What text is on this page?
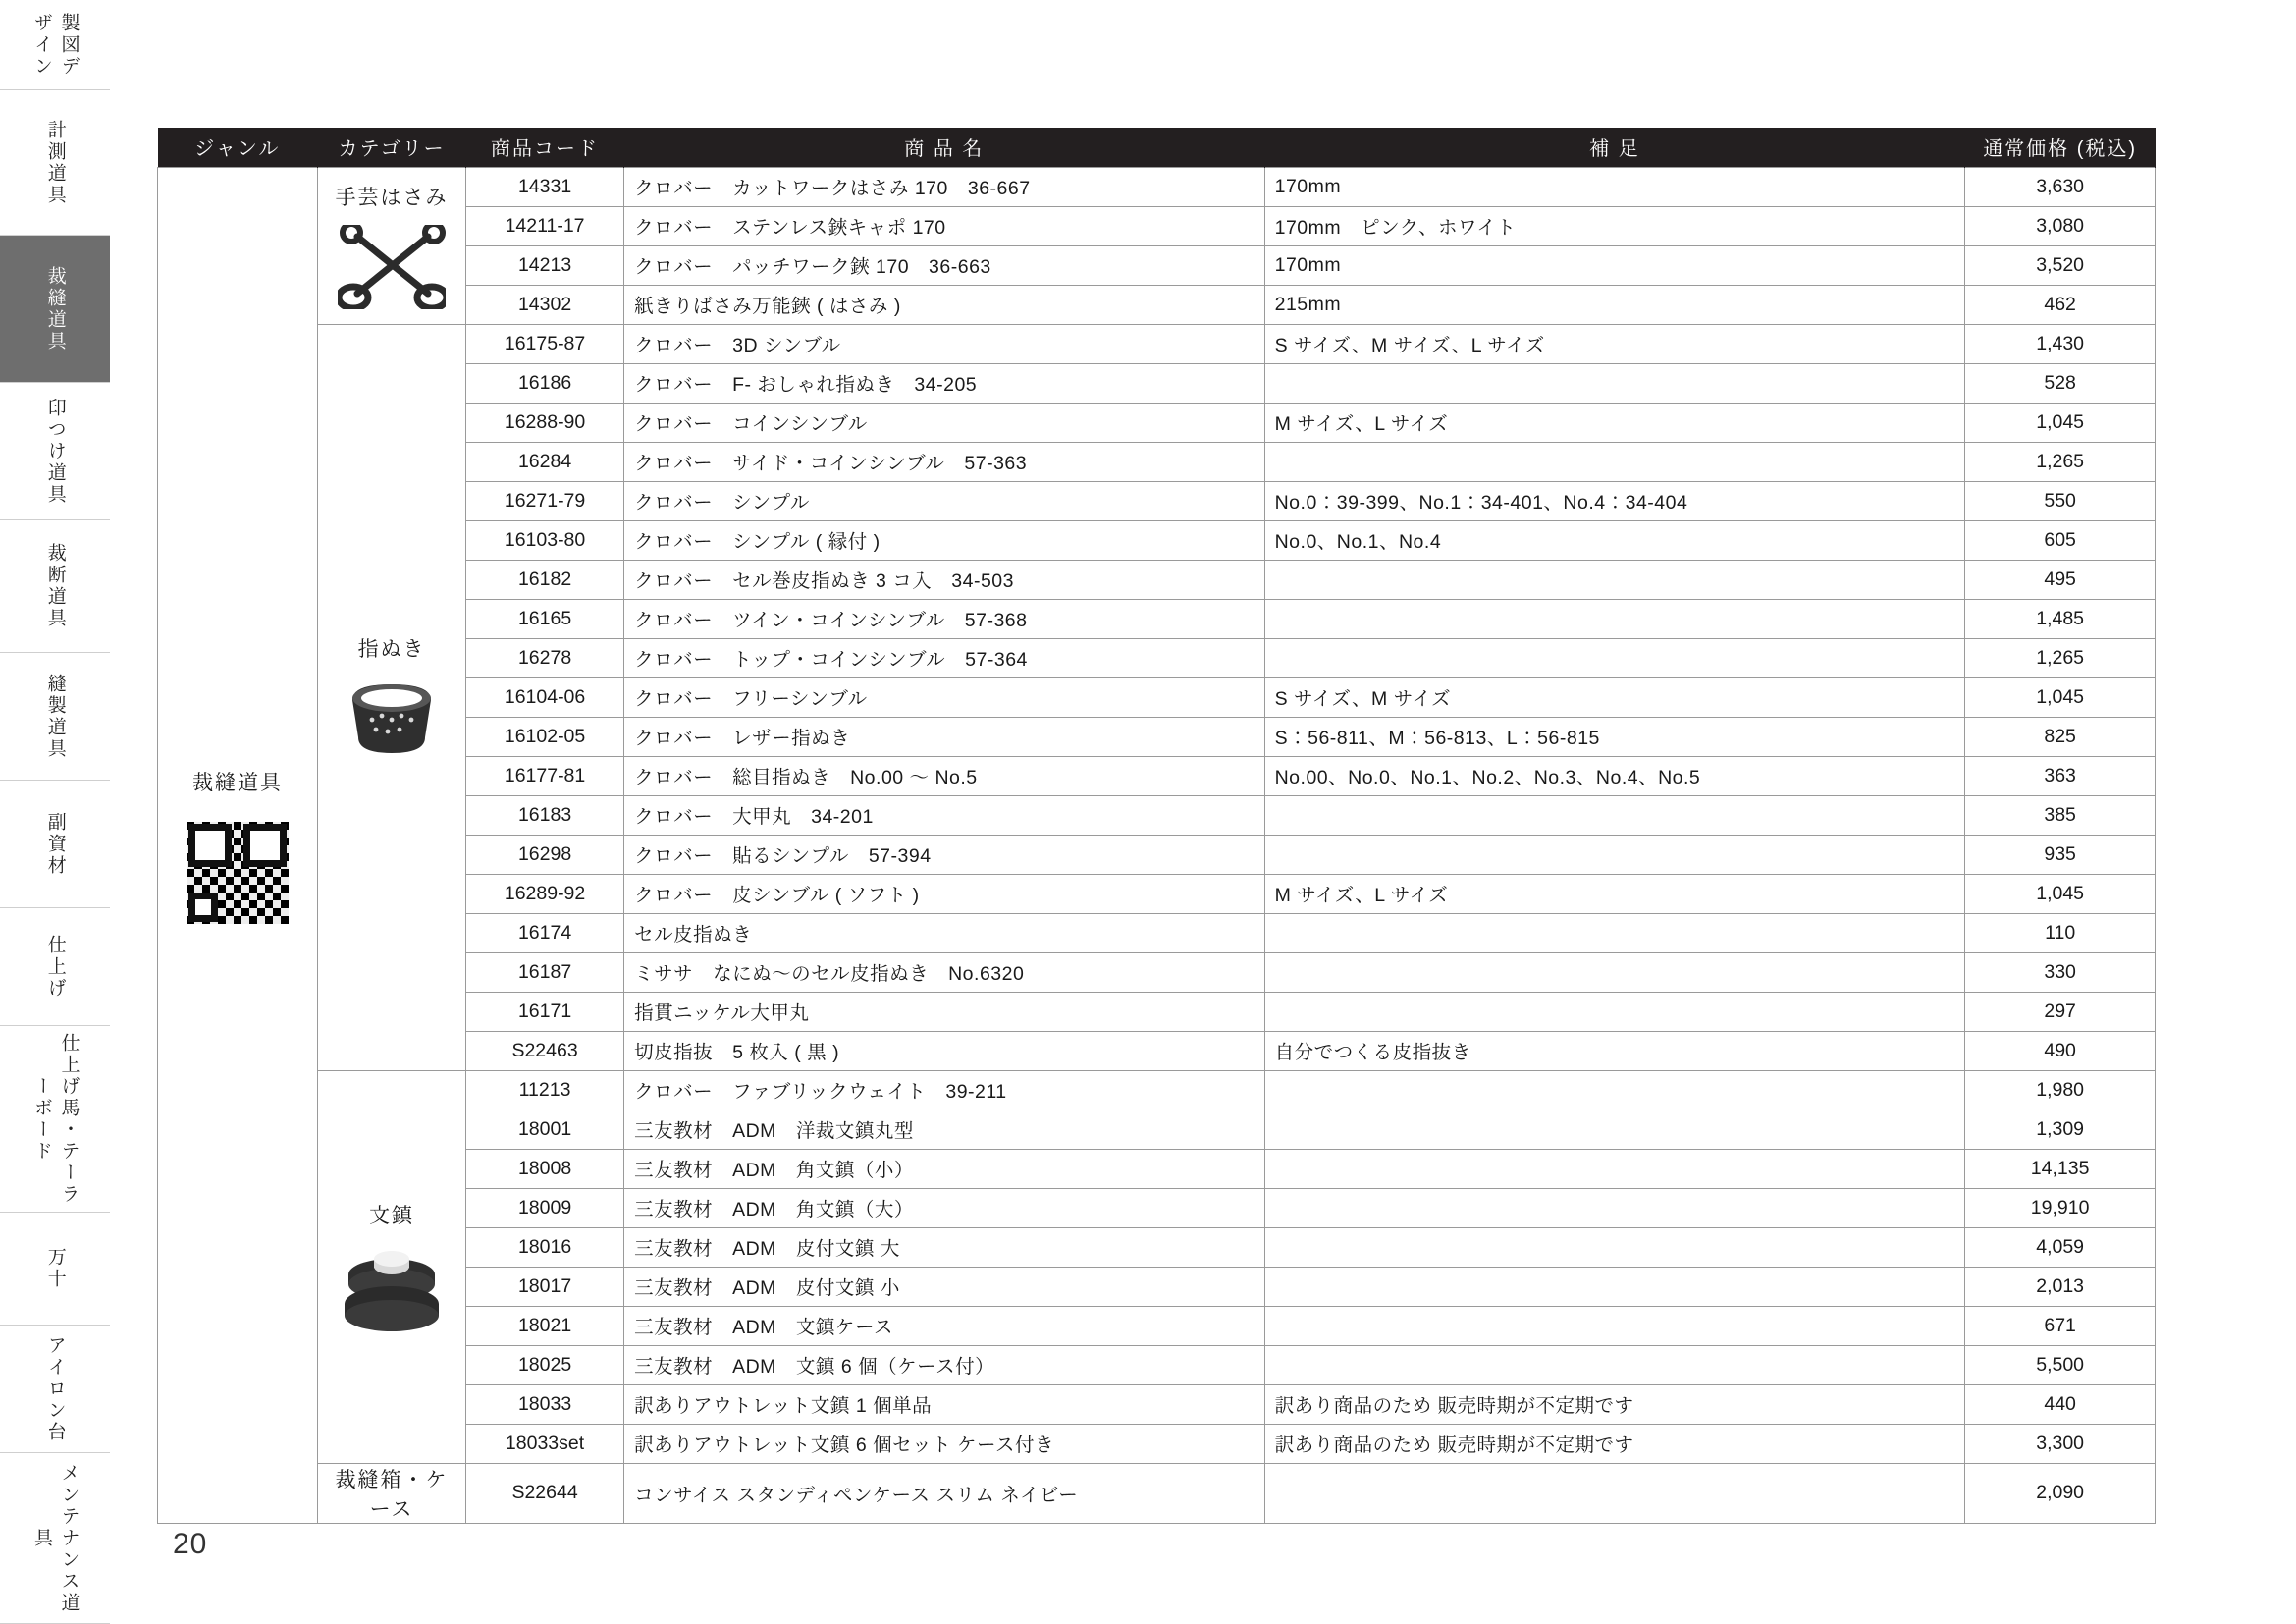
製図デザイン
計測道具
裁縫道具
印つけ道具
裁断道具
縫製道具
副資材
仕上げ
仕上げ馬・テーラーボード
万十
アイロン台
メンテナンス道具
ジャンル	カテゴリー	商品コード	商 品 名	補 足	通常価格 (税込)

裁縫道具	手芸はさみ	14331	クロバー　カットワークはさみ 170　36-667	170mm	3,630
		14211-17	クロバー　ステンレス鋏キャポ 170	170mm　ピンク、ホワイト	3,080
		14213	クロバー　パッチワーク鋏 170　36-663	170mm	3,520
		14302	紙きりばさみ万能鋏 ( はさみ )	215mm	462

	指ぬき	16175-87	クロバー　3D シンブル	S サイズ、M サイズ、L サイズ	1,430
		16186	クロバー　F- おしゃれ指ぬき　34-205		528
		16288-90	クロバー　コインシンブル	M サイズ、L サイズ	1,045
		16284	クロバー　サイド・コインシンブル　57-363		1,265
		16271-79	クロバー　シンプル	No.0：39-399、No.1：34-401、No.4：34-404	550
		16103-80	クロバー　シンプル ( 縁付 )	No.0、No.1、No.4	605
		16182	クロバー　セル巻皮指ぬき 3 コ入　34-503		495
		16165	クロバー　ツイン・コインシンブル　57-368		1,485
		16278	クロバー　トップ・コインシンブル　57-364		1,265
		16104-06	クロバー　フリーシンブル	S サイズ、M サイズ	1,045
		16102-05	クロバー　レザー指ぬき	S：56-811、M：56-813、L：56-815	825
		16177-81	クロバー　総目指ぬき　No.00 〜 No.5	No.00、No.0、No.1、No.2、No.3、No.4、No.5	363
		16183	クロバー　大甲丸　34-201		385
		16298	クロバー　貼るシンプル　57-394		935
		16289-92	クロバー　皮シンブル ( ソフト )	M サイズ、L サイズ	1,045
		16174	セル皮指ぬき		110
		16187	ミササ　なにぬ〜のセル皮指ぬき　No.6320		330
		16171	指貫ニッケル大甲丸		297
		S22463	切皮指抜　5 枚入 ( 黒 )	自分でつくる皮指抜き	490

	文鎮	11213	クロバー　ファブリックウェイト　39-211		1,980
		18001	三友教材　ADM　洋裁文鎮丸型		1,309
		18008	三友教材　ADM　角文鎮（小）		14,135
		18009	三友教材　ADM　角文鎮（大）		19,910
		18016	三友教材　ADM　皮付文鎮 大		4,059
		18017	三友教材　ADM　皮付文鎮 小		2,013
		18021	三友教材　ADM　文鎮ケース		671
		18025	三友教材　ADM　文鎮 6 個（ケース付）		5,500
		18033	訳ありアウトレット文鎮 1 個単品	訳あり商品のため 販売時期が不定期です	440
		18033set	訳ありアウトレット文鎮 6 個セット ケース付き	訳あり商品のため 販売時期が不定期です	3,300

	裁縫箱・ケース	S22644	コンサイス スタンディペンケース スリム ネイビー		2,090
20
